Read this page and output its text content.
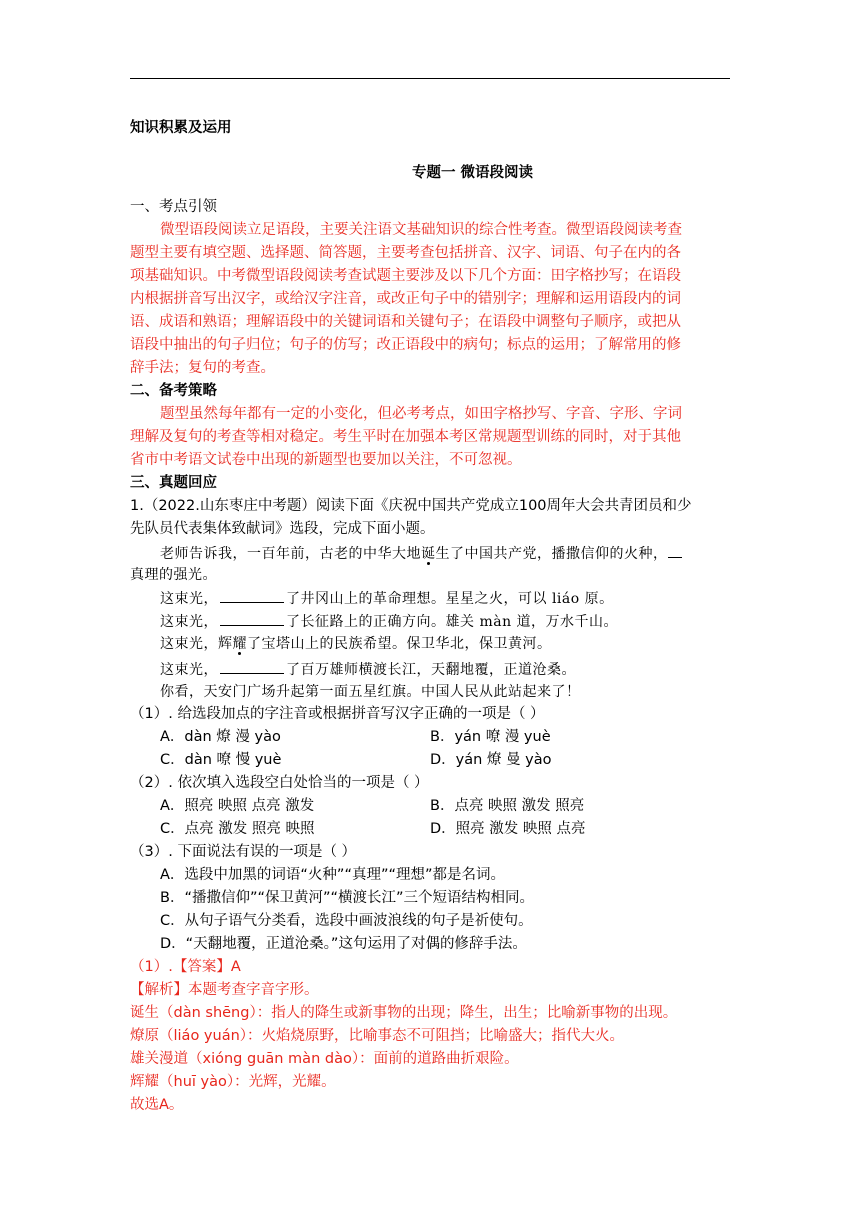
知识积累及运用
专题一 微语段阅读
一、考点引领
微型语段阅读立足语段，主要关注语文基础知识的综合性考查。微型语段阅读考查
题型主要有填空题、选择题、简答题，主要考查包括拼音、汉字、词语、句子在内的各
项基础知识。中考微型语段阅读考查试题主要涉及以下几个方面：田字格抄写；在语段
内根据拼音写出汉字，或给汉字注音，或改正句子中的错别字；理解和运用语段内的词
语、成语和熟语；理解语段中的关键词语和关键句子；在语段中调整句子顺序，或把从
语段中抽出的句子归位；句子的仿写；改正语段中的病句；标点的运用；了解常用的修
辞手法；复句的考查。
二、备考策略
题型虽然每年都有一定的小变化，但必考考点，如田字格抄写、字音、字形、字词
理解及复句的考查等相对稳定。考生平时在加强本考区常规题型训练的同时，对于其他
省市中考语文试卷中出现的新题型也要加以关注，不可忽视。
三、真题回应
1.（2022.山东枣庄中考题）阅读下面《庆祝中国共产党成立100周年大会共青团员和少
先队员代表集体致献词》选段，完成下面小题。
老师告诉我，一百年前，古老的中华大地诞生了中国共产党，播撒信仰的火种，
真理的强光。
这束光，	了井冈山上的革命理想。星星之火，可以 liáo 原。
这束光，	了长征路上的正确方向。雄关 màn 道，万水千山。
这束光，辉耀了宝塔山上的民族希望。保卫华北，保卫黄河。
这束光，	了百万雄师横渡长江，天翻地覆，正道沧桑。
你看，天安门广场升起第一面五星红旗。中国人民从此站起来了！
（1）. 给选段加点的字注音或根据拼音写汉字正确的一项是（ ）
A．dàn 燎 漫 yào	B．yán 嘹 漫 yuè
C．dàn 嘹 慢 yuè	D．yán 燎 曼 yào
（2）. 依次填入选段空白处恰当的一项是（ ）
A．照亮 映照 点亮 激发	B．点亮 映照 激发 照亮
C．点亮 激发 照亮 映照	D．照亮 激发 映照 点亮
（3）. 下面说法有误的一项是（ ）
A．选段中加黑的词语“火种”“真理”“理想”都是名词。
B．“播撒信仰”“保卫黄河”“横渡长江”三个短语结构相同。
C．从句子语气分类看，选段中画波浪线的句子是祈使句。
D．“天翻地覆，正道沧桑。”这句运用了对偶的修辞手法。
（1）.【答案】A
【解析】本题考查字音字形。
诞生（dàn shēng）：指人的降生或新事物的出现；降生，出生；比喻新事物的出现。
燎原（liáo yuán）：火焰烧原野，比喻事态不可阻挡；比喻盛大；指代大火。
雄关漫道（xióng guān màn dào）：面前的道路曲折艰险。
辉耀（huī yào）：光辉，光耀。
故选A。
